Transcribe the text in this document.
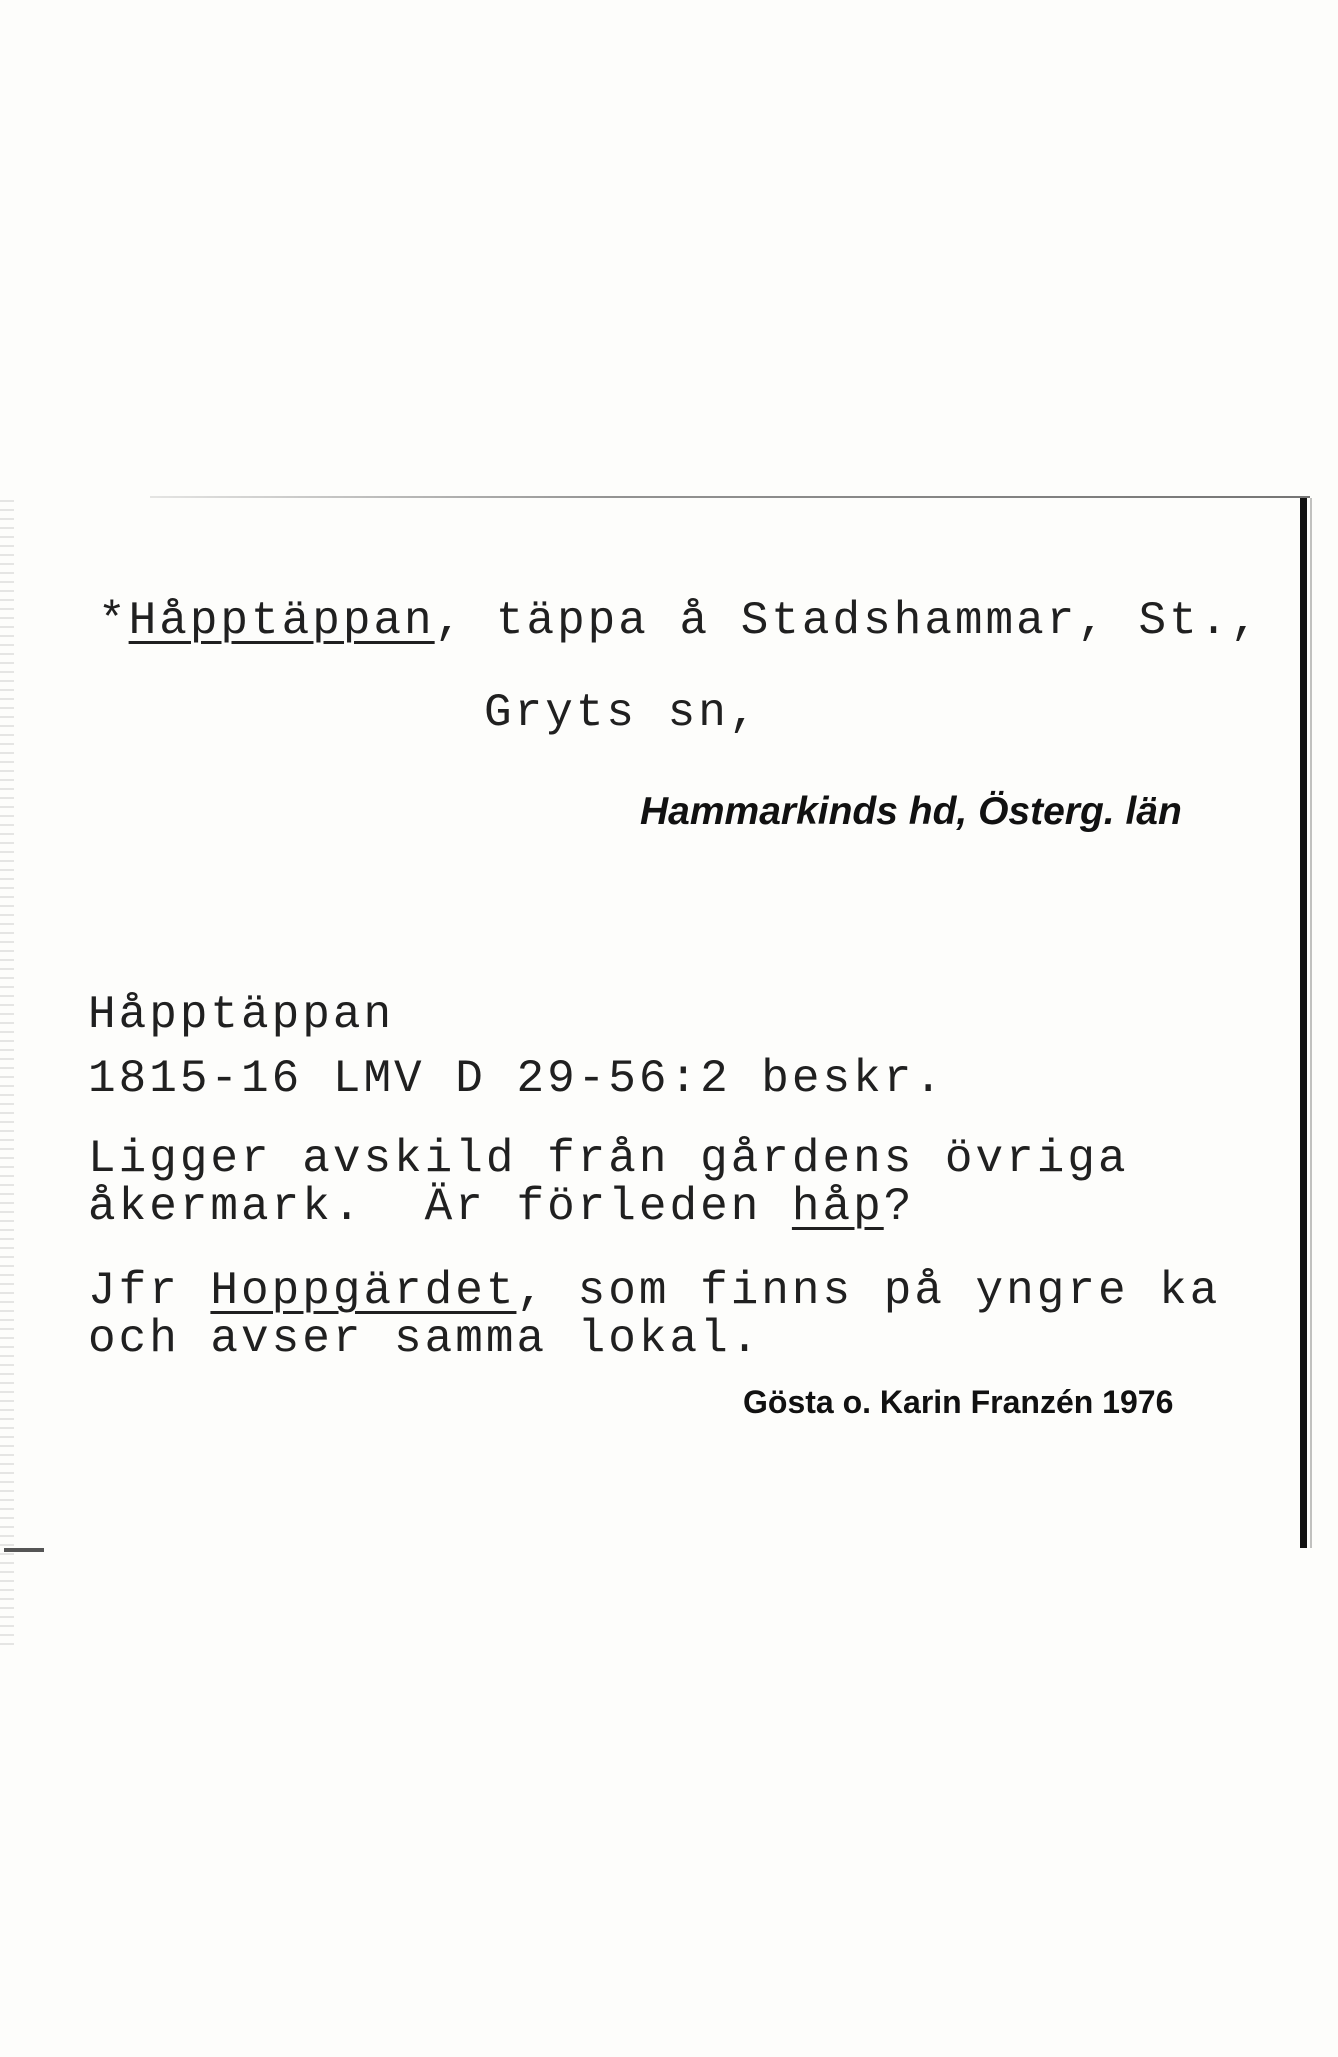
*Håpptäppan, täppa å Stadshammar, St.,
Gryts sn,
Hammarkinds hd, Österg. län
Håpptäppan
1815-16 LMV D 29-56:2 beskr.
Ligger avskild från gårdens övriga
åkermark.  Är förleden håp?
Jfr Hoppgärdet, som finns på yngre ka
och avser samma lokal.
Gösta o. Karin Franzén 1976
